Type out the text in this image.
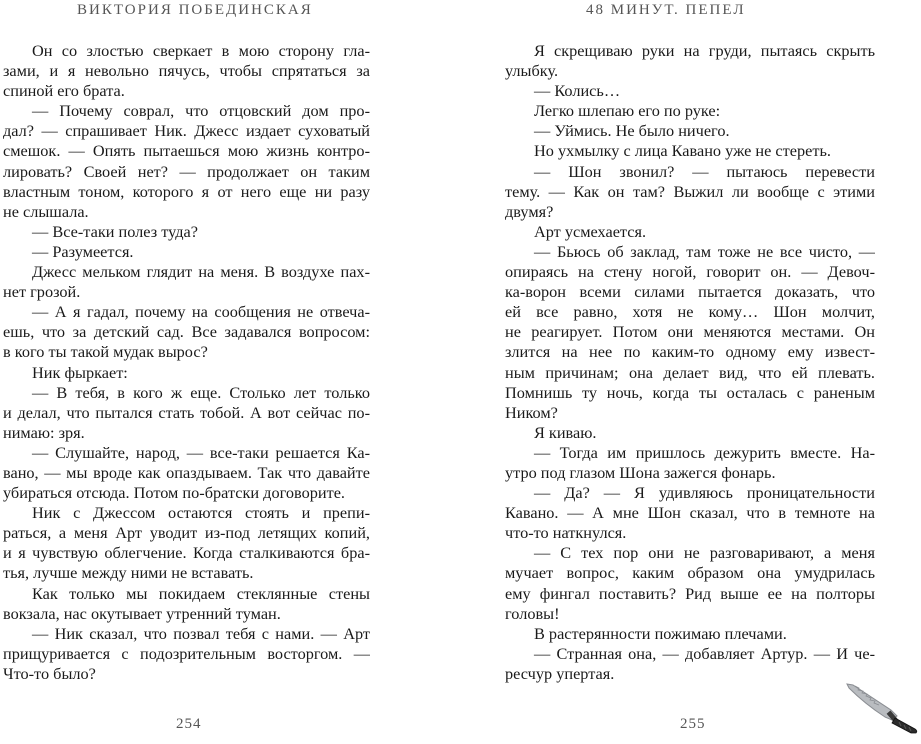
ВИКТОРИЯ ПОБЕДИНСКАЯ
Он со злостью сверкает в мою сторону гла-
зами, и я невольно пячусь, чтобы спрятаться за
спиной его брата.
— Почему соврал, что отцовский дом про-
дал? — спрашивает Ник. Джесс издает суховатый
смешок. — Опять пытаешься мою жизнь контро-
лировать? Своей нет? — продолжает он таким
властным тоном, которого я от него еще ни разу
не слышала.
— Все-таки полез туда?
— Разумеется.
Джесс мельком глядит на меня. В воздухе пах-
нет грозой.
— А я гадал, почему на сообщения не отвеча-
ешь, что за детский сад. Все задавался вопросом:
в кого ты такой мудак вырос?
Ник фыркает:
— В тебя, в кого ж еще. Столько лет только
и делал, что пытался стать тобой. А вот сейчас по-
нимаю: зря.
— Слушайте, народ, — все-таки решается Ка-
вано, — мы вроде как опаздываем. Так что давайте
убираться отсюда. Потом по-братски договорите.
Ник с Джессом остаются стоять и препи-
раться, а меня Арт уводит из-под летящих копий,
и я чувствую облегчение. Когда сталкиваются бра-
тья, лучше между ними не вставать.
Как только мы покидаем стеклянные стены
вокзала, нас окутывает утренний туман.
— Ник сказал, что позвал тебя с нами. — Арт
прищуривается с подозрительным восторгом. —
Что-то было?
254
48 МИНУТ. ПЕПЕЛ
Я скрещиваю руки на груди, пытаясь скрыть
улыбку.
— Колись…
Легко шлепаю его по руке:
— Уймись. Не было ничего.
Но ухмылку с лица Кавано уже не стереть.
— Шон звонил? — пытаюсь перевести
тему. — Как он там? Выжил ли вообще с этими
двумя?
Арт усмехается.
— Бьюсь об заклад, там тоже не все чисто, —
опираясь на стену ногой, говорит он. — Девоч-
ка-ворон всеми силами пытается доказать, что
ей все равно, хотя не кому… Шон молчит,
не реагирует. Потом они меняются местами. Он
злится на нее по каким-то одному ему извест-
ным причинам; она делает вид, что ей плевать.
Помнишь ту ночь, когда ты осталась с раненым
Ником?
Я киваю.
— Тогда им пришлось дежурить вместе. На-
утро под глазом Шона зажегся фонарь.
— Да? — Я удивляюсь проницательности
Кавано. — А мне Шон сказал, что в темноте на
что-то наткнулся.
— С тех пор они не разговаривают, а меня
мучает вопрос, каким образом она умудрилась
ему фингал поставить? Рид выше ее на полторы
головы!
В растерянности пожимаю плечами.
— Странная она, — добавляет Артур. — И че-
ресчур упертая.
255
